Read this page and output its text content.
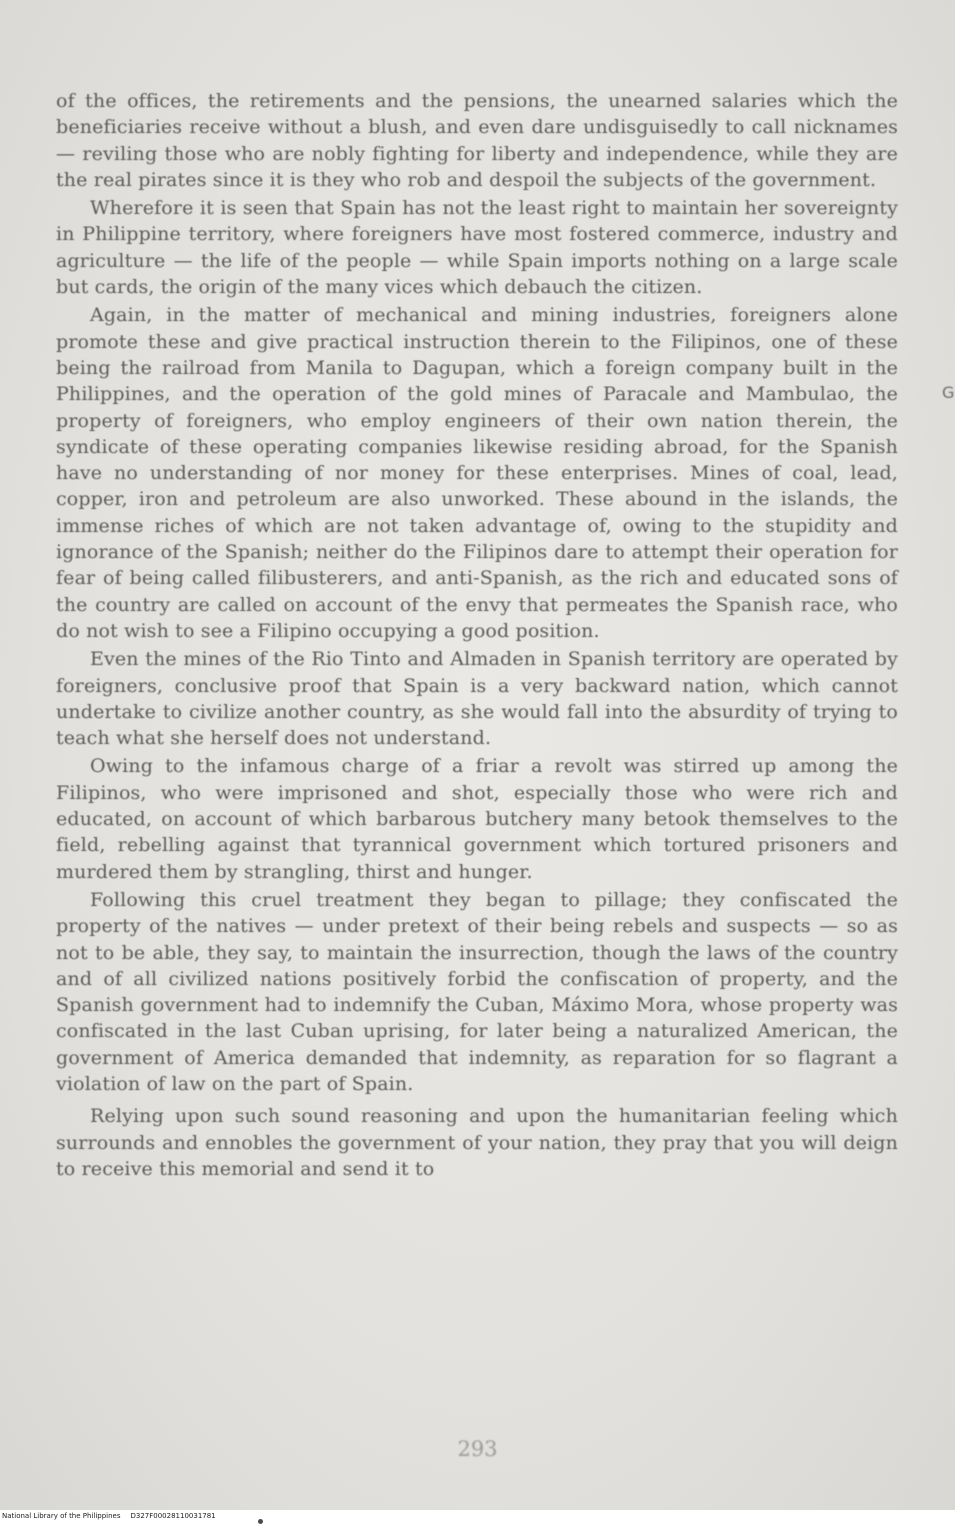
of the offices, the retirements and the pensions, the unearned salaries which the beneficiaries receive without a blush, and even dare undisguisedly to call nicknames — reviling those who are nobly fighting for liberty and independence, while they are the real pirates since it is they who rob and despoil the subjects of the government.

Wherefore it is seen that Spain has not the least right to maintain her sovereignty in Philippine territory, where foreigners have most fostered commerce, industry and agriculture — the life of the people — while Spain imports nothing on a large scale but cards, the origin of the many vices which debauch the citizen.

Again, in the matter of mechanical and mining industries, foreigners alone promote these and give practical instruction therein to the Filipinos, one of these being the railroad from Manila to Dagupan, which a foreign company built in the Philippines, and the operation of the gold mines of Paracale and Mambulao, the property of foreigners, who employ engineers of their own nation therein, the syndicate of these operating companies likewise residing abroad, for the Spanish have no understanding of nor money for these enterprises. Mines of coal, lead, copper, iron and petroleum are also unworked. These abound in the islands, the immense riches of which are not taken advantage of, owing to the stupidity and ignorance of the Spanish; neither do the Filipinos dare to attempt their operation for fear of being called filibusterers, and anti-Spanish, as the rich and educated sons of the country are called on account of the envy that permeates the Spanish race, who do not wish to see a Filipino occupying a good position.

Even the mines of the Rio Tinto and Almaden in Spanish territory are operated by foreigners, conclusive proof that Spain is a very backward nation, which cannot undertake to civilize another country, as she would fall into the absurdity of trying to teach what she herself does not understand.

Owing to the infamous charge of a friar a revolt was stirred up among the Filipinos, who were imprisoned and shot, especially those who were rich and educated, on account of which barbarous butchery many betook themselves to the field, rebelling against that tyrannical government which tortured prisoners and murdered them by strangling, thirst and hunger.

Following this cruel treatment they began to pillage; they confiscated the property of the natives — under pretext of their being rebels and suspects — so as not to be able, they say, to maintain the insurrection, though the laws of the country and of all civilized nations positively forbid the confiscation of property, and the Spanish government had to indemnify the Cuban, Máximo Mora, whose property was confiscated in the last Cuban uprising, for later being a naturalized American, the government of America demanded that indemnity, as reparation for so flagrant a violation of law on the part of Spain.

Relying upon such sound reasoning and upon the humanitarian feeling which surrounds and ennobles the government of your nation, they pray that you will deign to receive this memorial and send it to

G
293
National Library of the Philippines D327F00028110031781
